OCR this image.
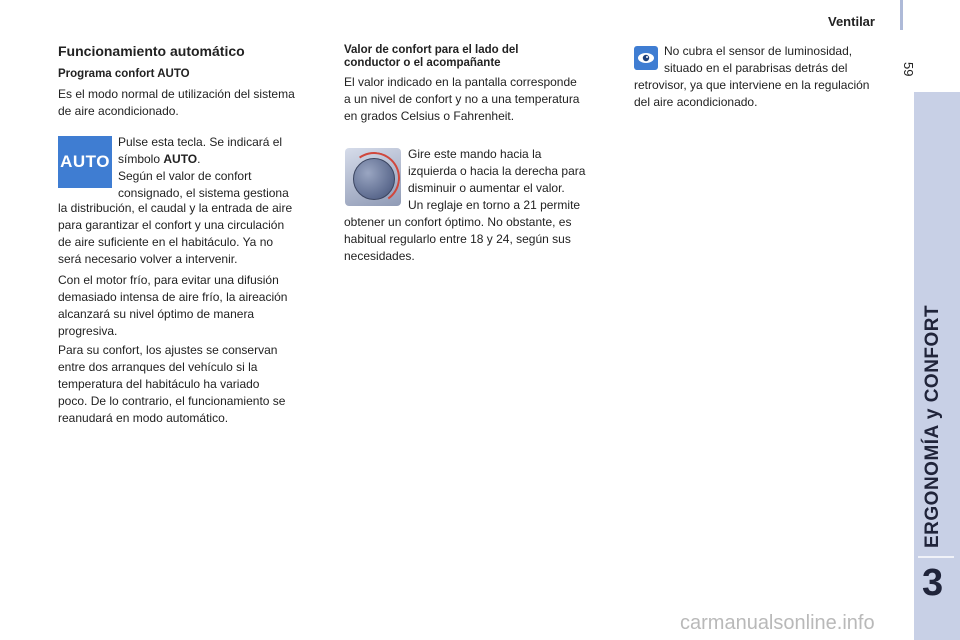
Ventilar
59
ERGONOMÍA y CONFORT
3
Funcionamiento automático
Programa confort AUTO
Es el modo normal de utilización del sistema
de aire acondicionado.
AUTO
Pulse esta tecla. Se indicará el
símbolo AUTO.
Según el valor de confort
consignado, el sistema gestiona
la distribución, el caudal y la entrada de aire
para garantizar el confort y una circulación
de aire suficiente en el habitáculo. Ya no
será necesario volver a intervenir.
Con el motor frío, para evitar una difusión
demasiado intensa de aire frío, la aireación
alcanzará su nivel óptimo de manera
progresiva.
Para su confort, los ajustes se conservan
entre dos arranques del vehículo si la
temperatura del habitáculo ha variado
poco. De lo contrario, el funcionamiento se
reanudará en modo automático.
Valor de confort para el lado del
conductor o el acompañante
El valor indicado en la pantalla corresponde
a un nivel de confort y no a una temperatura
en grados Celsius o Fahrenheit.
Gire este mando hacia la
izquierda o hacia la derecha para
disminuir o aumentar el valor.
Un reglaje en torno a 21 permite
obtener un confort óptimo. No obstante, es
habitual regularlo entre 18 y 24, según sus
necesidades.
No cubra el sensor de luminosidad,
situado en el parabrisas detrás del
retrovisor, ya que interviene en la regulación
del aire acondicionado.
carmanualsonline.info
